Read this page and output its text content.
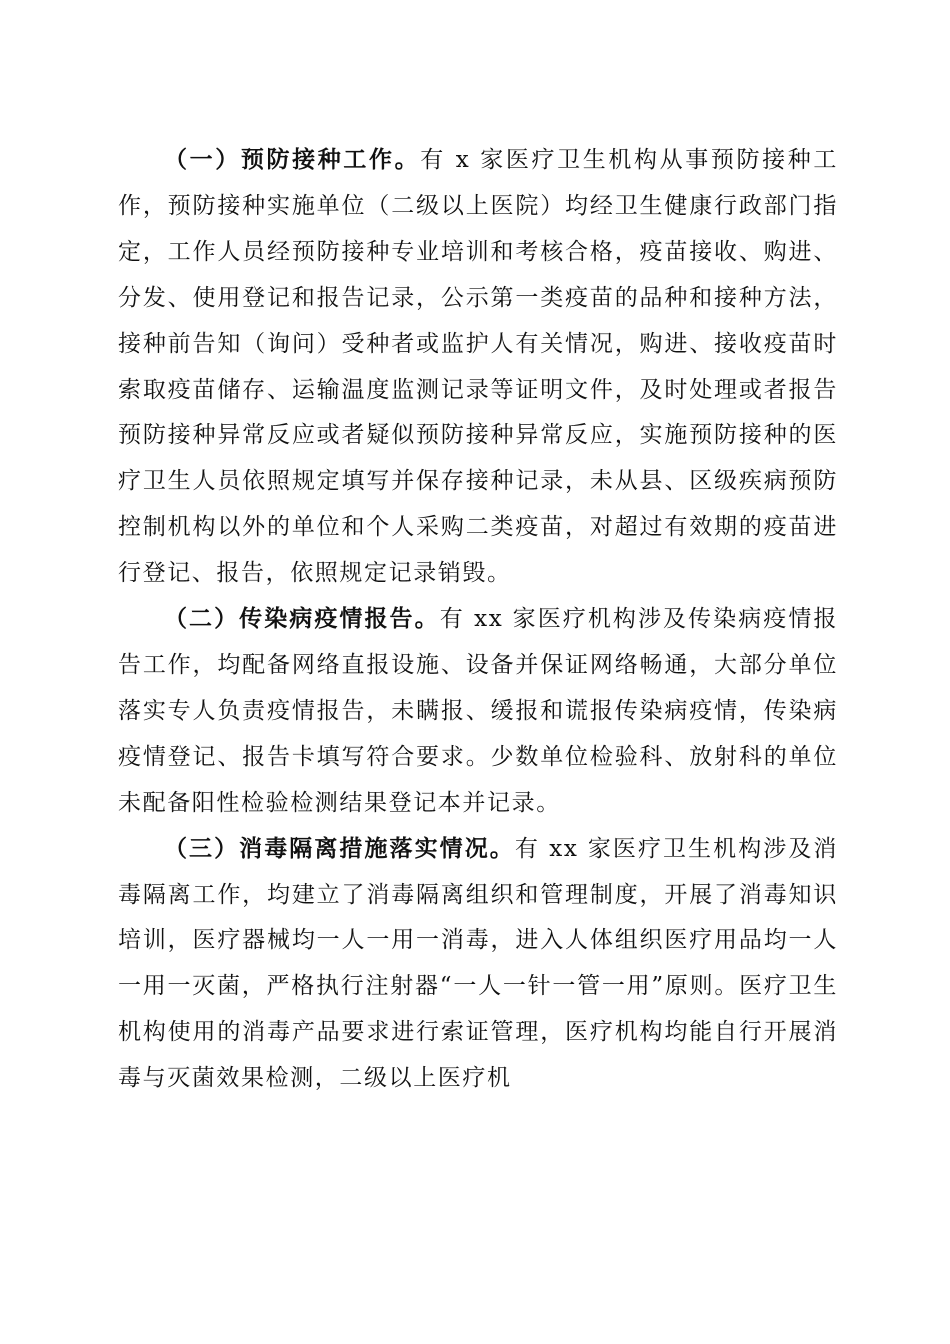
（一）预防接种工作。有 x 家医疗卫生机构从事预防接种工作，预防接种实施单位（二级以上医院）均经卫生健康行政部门指定，工作人员经预防接种专业培训和考核合格，疫苗接收、购进、分发、使用登记和报告记录，公示第一类疫苗的品种和接种方法，接种前告知（询问）受种者或监护人有关情况，购进、接收疫苗时索取疫苗储存、运输温度监测记录等证明文件，及时处理或者报告预防接种异常反应或者疑似预防接种异常反应，实施预防接种的医疗卫生人员依照规定填写并保存接种记录，未从县、区级疾病预防控制机构以外的单位和个人采购二类疫苗，对超过有效期的疫苗进行登记、报告，依照规定记录销毁。

（二）传染病疫情报告。有 xx 家医疗机构涉及传染病疫情报告工作，均配备网络直报设施、设备并保证网络畅通，大部分单位落实专人负责疫情报告，未瞒报、缓报和谎报传染病疫情，传染病疫情登记、报告卡填写符合要求。少数单位检验科、放射科的单位未配备阳性检验检测结果登记本并记录。

（三）消毒隔离措施落实情况。有 xx 家医疗卫生机构涉及消毒隔离工作，均建立了消毒隔离组织和管理制度，开展了消毒知识培训，医疗器械均一人一用一消毒，进入人体组织医疗用品均一人一用一灭菌，严格执行注射器“一人一针一管一用”原则。医疗卫生机构使用的消毒产品要求进行索证管理，医疗机构均能自行开展消毒与灭菌效果检测，二级以上医疗机
